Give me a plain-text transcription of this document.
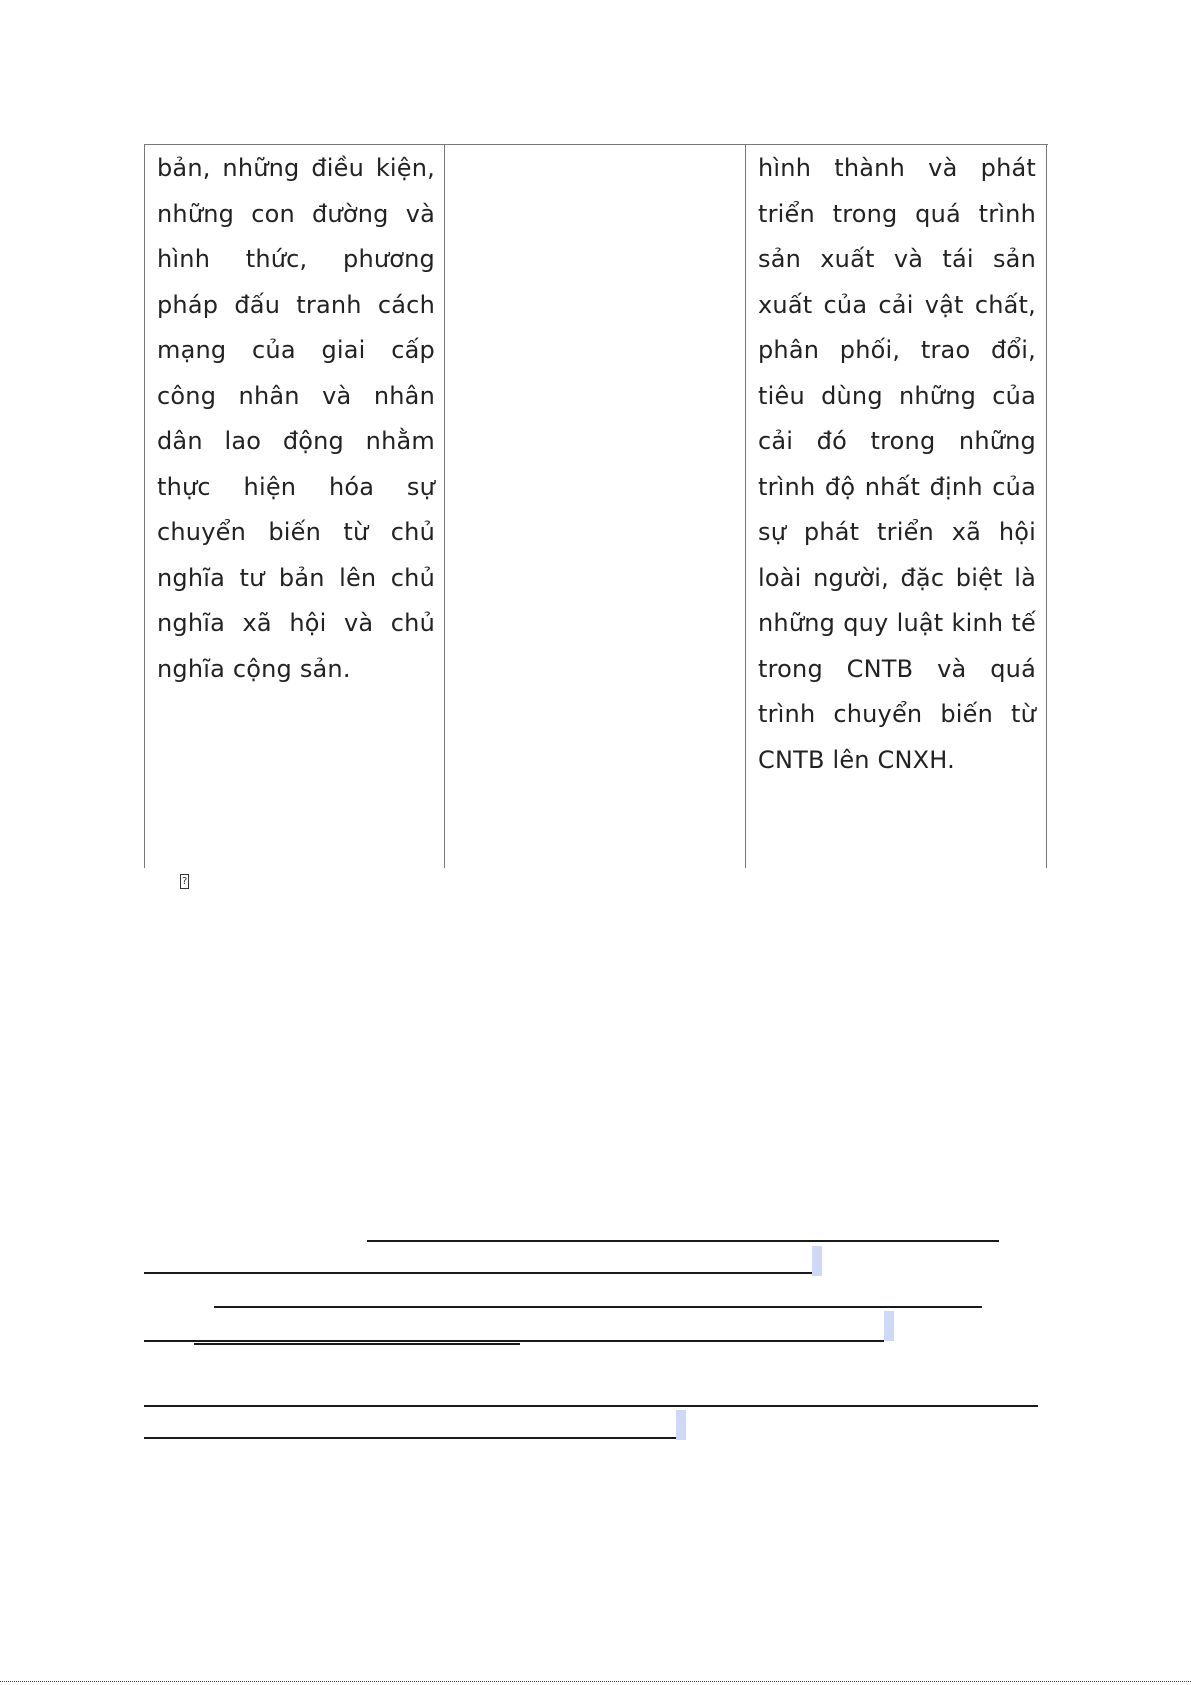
bản, những điều kiện, những con đường và hình thức, phương pháp đấu tranh cách mạng của giai cấp công nhân và nhân dân lao động nhằm thực hiện hóa sự chuyển biến từ chủ nghĩa tư bản lên chủ nghĩa xã hội và chủ nghĩa cộng sản.

hình thành và phát triển trong quá trình sản xuất và tái sản xuất của cải vật chất, phân phối, trao đổi, tiêu dùng những của cải đó trong những trình độ nhất định của sự phát triển xã hội loài người, đặc biệt là những quy luật kinh tế trong CNTB và quá trình chuyển biến từ CNTB lên CNXH.

?
